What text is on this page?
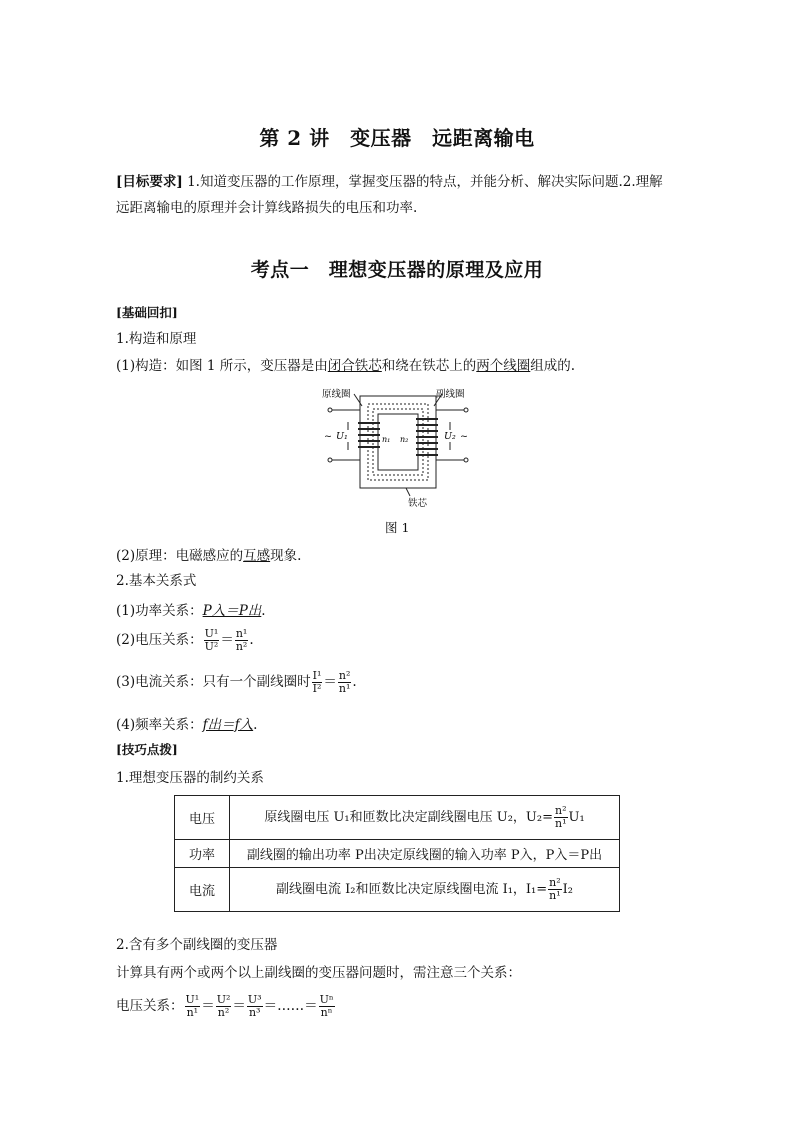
第 2 讲　变压器　远距离输电
[目标要求] 1.知道变压器的工作原理，掌握变压器的特点，并能分析、解决实际问题.2.理解
远距离输电的原理并会计算线路损失的电压和功率.
考点一　理想变压器的原理及应用
[基础回扣]
1.构造和原理
(1)构造：如图 1 所示，变压器是由闭合铁芯和绕在铁芯上的两个线圈组成的.
原线圈	副线圈
~ U₁	n₁ n₂	U₂ ~
铁芯
图 1
(2)原理：电磁感应的互感现象.
2.基本关系式
(1)功率关系：P入＝P出.
(2)电压关系： $\frac{\text{U¹}}{\text{U²}} = \frac{\text{n¹}}{\text{n²}}$ .
(3)电流关系：只有一个副线圈时 $\frac{\text{I¹}}{\text{I²}} = \frac{\text{n²}}{\text{n¹}}$ .
(4)频率关系：f出＝f入.
[技巧点拨]
1.理想变压器的制约关系
电压	原线圈电压 U₁和匝数比决定副线圈电压 U₂，$U_2= \frac{\text{n²}}{\text{n¹}} U_1$
功率	副线圈的输出功率 P出决定原线圈的输入功率 P入，P入＝P出
电流	副线圈电流 I₂和匝数比决定原线圈电流 I₁，$I_1= \frac{\text{n²}}{\text{n¹}} I_2$
2.含有多个副线圈的变压器
计算具有两个或两个以上副线圈的变压器问题时，需注意三个关系：
电压关系： $\frac{\text{U¹}}{\text{n¹}} = \frac{\text{U²}}{\text{n²}} = \frac{\text{U³}}{\text{n³}}$ ＝……＝ $\frac{\text{Uⁿ}}{\text{nⁿ}}$
